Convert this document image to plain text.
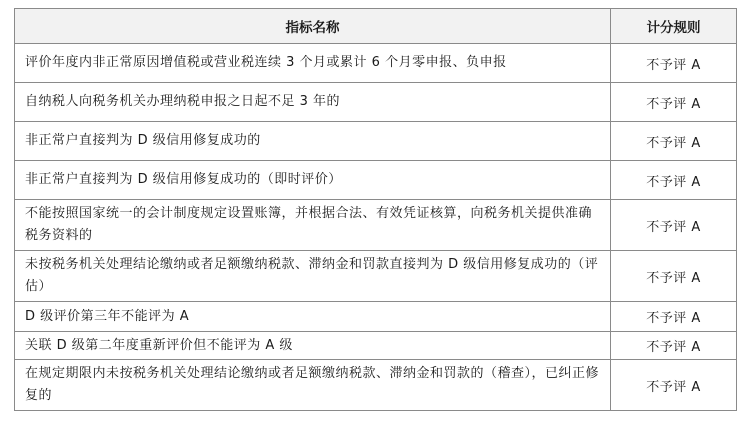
指标名称	计分规则
评价年度内非正常原因增值税或营业税连续 3 个月或累计 6 个月零申报、负申报	不予评 A
自纳税人向税务机关办理纳税申报之日起不足 3 年的	不予评 A
非正常户直接判为 D 级信用修复成功的	不予评 A
非正常户直接判为 D 级信用修复成功的（即时评价）	不予评 A
不能按照国家统一的会计制度规定设置账簿，并根据合法、有效凭证核算，向税务机关提供准确税务资料的	不予评 A
未按税务机关处理结论缴纳或者足额缴纳税款、滞纳金和罚款直接判为 D 级信用修复成功的（评估）	不予评 A
D 级评价第三年不能评为 A	不予评 A
关联 D 级第二年度重新评价但不能评为 A 级	不予评 A
在规定期限内未按税务机关处理结论缴纳或者足额缴纳税款、滞纳金和罚款的（稽查），已纠正修复的	不予评 A
